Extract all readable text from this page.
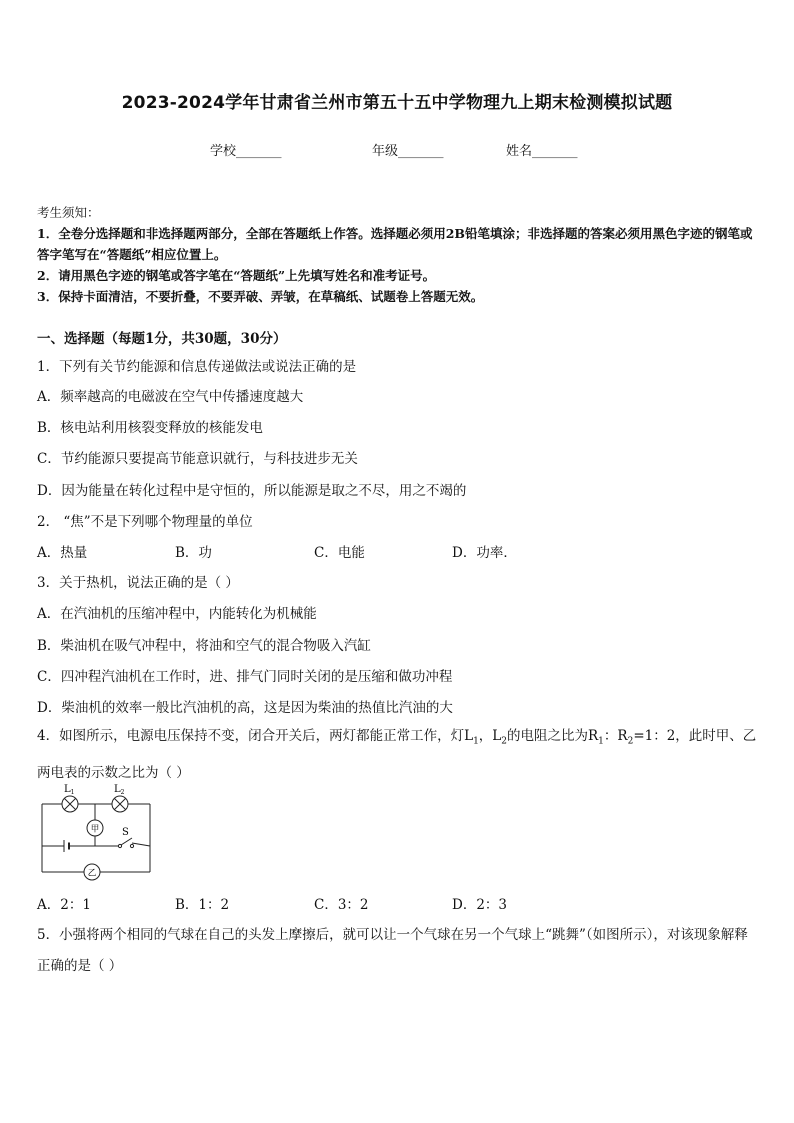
2023-2024学年甘肃省兰州市第五十五中学物理九上期末检测模拟试题
学校_______	年级_______	姓名_______
考生须知：
1．全卷分选择题和非选择题两部分，全部在答题纸上作答。选择题必须用2B铅笔填涂；非选择题的答案必须用黑色字迹的钢笔或答字笔写在“答题纸”相应位置上。
2．请用黑色字迹的钢笔或答字笔在“答题纸”上先填写姓名和准考证号。
3．保持卡面清洁，不要折叠，不要弄破、弄皱，在草稿纸、试题卷上答题无效。
一、选择题（每题1分，共30题，30分）
1．下列有关节约能源和信息传递做法或说法正确的是
A．频率越高的电磁波在空气中传播速度越大
B．核电站利用核裂变释放的核能发电
C．节约能源只要提高节能意识就行，与科技进步无关
D．因为能量在转化过程中是守恒的，所以能源是取之不尽，用之不竭的
2． “焦”不是下列哪个物理量的单位
A．热量	B．功	C．电能	D．功率．
3．关于热机，说法正确的是（ ）
A．在汽油机的压缩冲程中，内能转化为机械能
B．柴油机在吸气冲程中，将油和空气的混合物吸入汽缸
C．四冲程汽油机在工作时，进、排气门同时关闭的是压缩和做功冲程
D．柴油机的效率一般比汽油机的高，这是因为柴油的热值比汽油的大
4．如图所示，电源电压保持不变，闭合开关后，两灯都能正常工作，灯$L_1$，$L_2$的电阻之比为$R_1$：$R_2=1$：2，此时甲、乙两电表的示数之比为（ ）
$L_1$	$L_2$
甲 S
乙
A．2：1	B．1：2	C．3：2	D．2：3
5．小强将两个相同的气球在自己的头发上摩擦后，就可以让一个气球在另一个气球上“跳舞”（如图所示），对该现象解释正确的是（ ）
